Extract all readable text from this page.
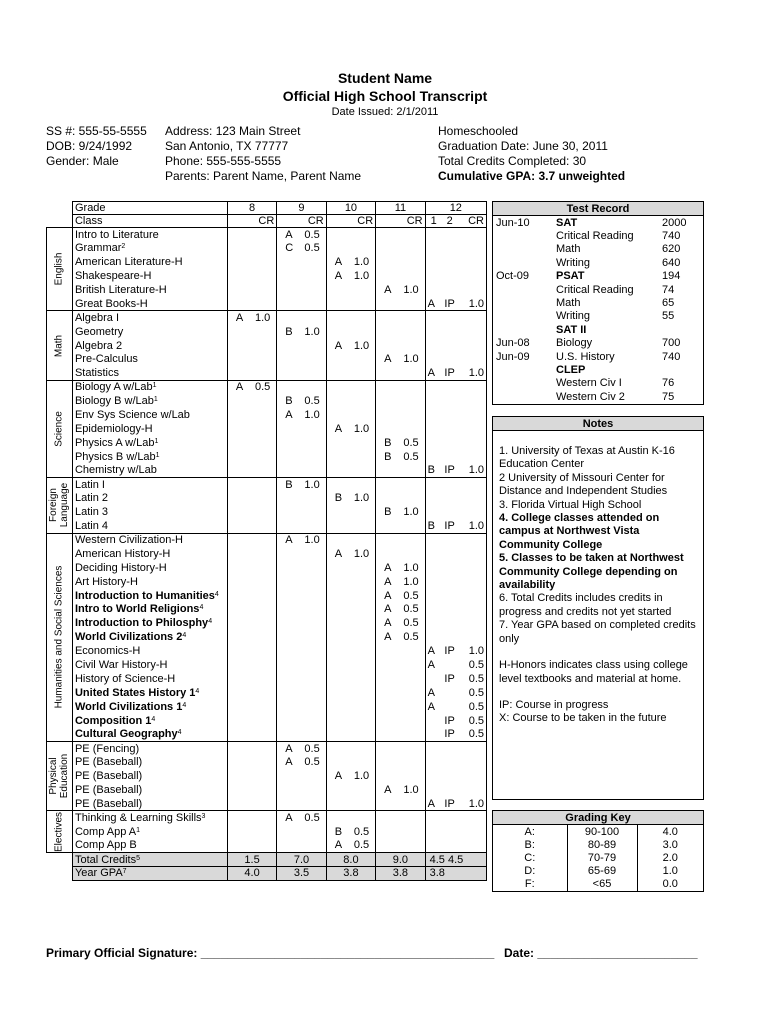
Student Name
Official High School Transcript
Date Issued: 2/1/2011
SS #: 555-55-5555
DOB: 9/24/1992
Gender: Male
Address: 123 Main Street
San Antonio, TX 77777
Phone: 555-555-5555
Parents: Parent Name, Parent Name
Homeschooled
Graduation Date: June 30, 2011
Total Credits Completed: 30
Cumulative GPA: 3.7 unweighted
	Grade	8	9	10	11	12
	Class	CR	CR	CR	CR	1 2 CR

English	Intro to Literature		A 0.5			

	Grammar$^2$		C 0.5			

	American Literature-H			A 1.0		

	Shakespeare-H			A 1.0		

	British Literature-H				A 1.0	

	Great Books-H					A IP 1.0

Math	Algebra I	A 1.0				

	Geometry		B 1.0			

	Algebra 2			A 1.0		

	Pre-Calculus				A 1.0	

	Statistics					A IP 1.0

Science	Biology A w/Lab$^1$	A 0.5				

	Biology B w/Lab$^1$		B 0.5			

	Env Sys Science w/Lab		A 1.0			

	Epidemiology-H			A 1.0		

	Physics A w/Lab$^1$				B 0.5	

	Physics B w/Lab$^1$				B 0.5	

	Chemistry w/Lab					B IP 1.0

Foreign Language	Latin I		B 1.0			

	Latin 2			B 1.0		

	Latin 3				B 1.0	

	Latin 4					B IP 1.0

Humanities and Social Sciences	Western Civilization-H		A 1.0			

	American History-H			A 1.0		

	Deciding History-H				A 1.0	

	Art History-H				A 1.0	

	Introduction to Humanities$^4$				A 0.5	

	Intro to World Religions$^4$				A 0.5	

	Introduction to Philosphy$^4$				A 0.5	

	World Civilizations $2^4$				A 0.5	

	Economics-H					A IP 1.0

	Civil War History-H					A 0.5

	History of Science-H					IP 0.5

	United States History $1^4$					A 0.5

	World Civilizations $1^4$					A 0.5

	Composition $1^4$					IP 0.5

	Cultural Geography$^4$					IP 0.5

Physical Education	PE (Fencing)		A 0.5			

	PE (Baseball)		A 0.5			

	PE (Baseball)			A 1.0		

	PE (Baseball)				A 1.0	

	PE (Baseball)					A IP 1.0

Electives	Thinking & Learning Skills$^3$		A 0.5			

	Comp App $A^1$			B 0.5		

	Comp App B			A 0.5		

	Total Credits$^5$	1.5	7.0	8.0	9.0	4.5 4.5
	Year GPA$^7$	4.0	3.5	3.8	3.8	3.8
Test Record
Jun-10	SAT	2000
	Critical Reading	740
	Math	620
	Writing	640
Oct-09	PSAT	194
	Critical Reading	74
	Math	65
	Writing	55
	SAT II	
Jun-08	Biology	700
Jun-09	U.S. History	740
	CLEP	
	Western Civ I	76
	Western Civ 2	75
Notes

1. University of Texas at Austin K-16 Education Center

2 University of Missouri Center for Distance and Independent Studies

3. Florida Virtual High School

4. College classes attended on campus at Northwest Vista Community College

5. Classes to be taken at Northwest Community College depending on availability

6. Total Credits includes credits in progress and credits not yet started

7. Year GPA based on completed credits only

H-Honors indicates class using college level textbooks and material at home.

IP: Course in progress

X: Course to be taken in the future

Grading Key
A:	90-100	4.0
B:	80-89	3.0
C:	70-79	2.0
D:	65-69	1.0
F:	<65	0.0
Primary Official Signature: ____________________________________________ Date: ________________________
